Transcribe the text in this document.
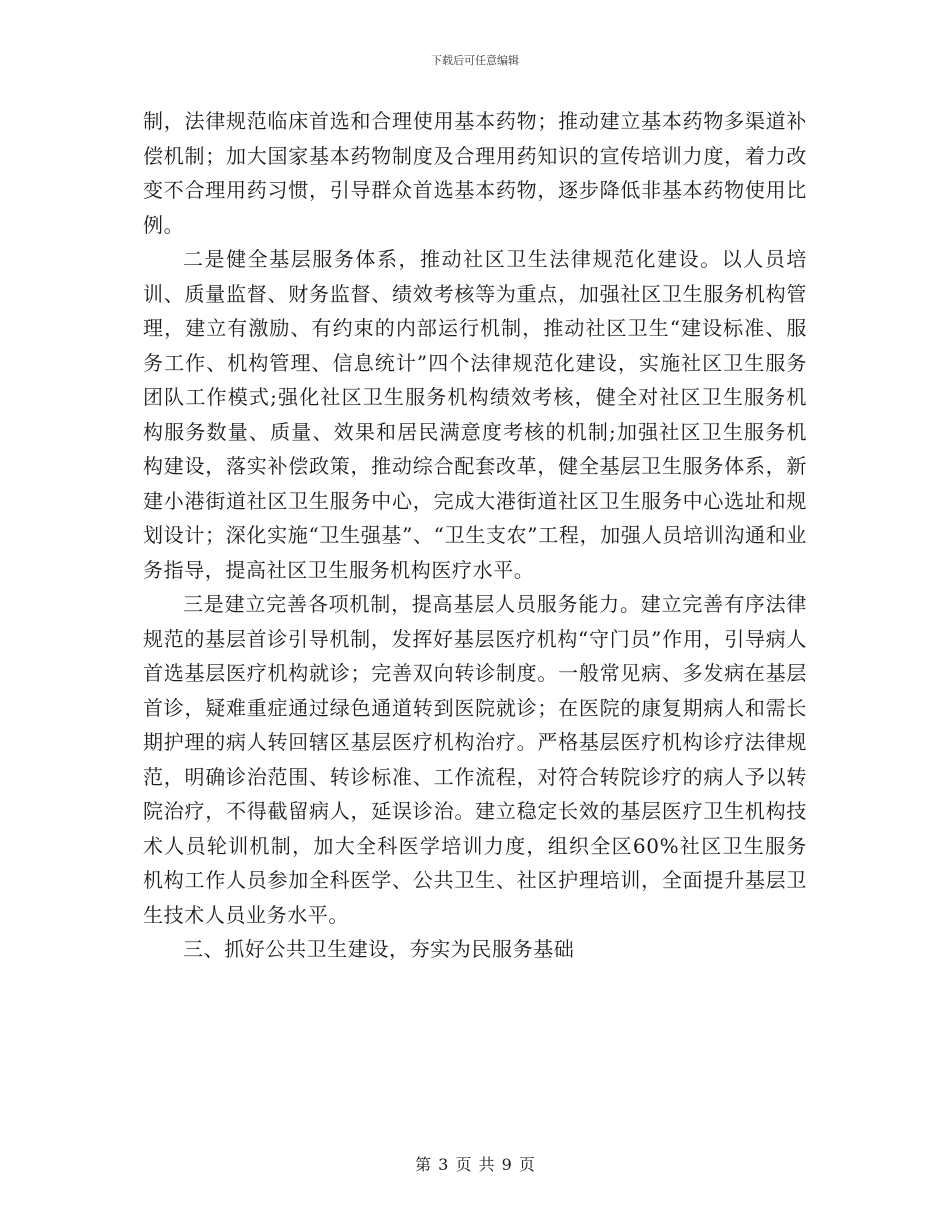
下载后可任意编辑

制，法律规范临床首选和合理使用基本药物；推动建立基本药物多渠道补偿机制；加大国家基本药物制度及合理用药知识的宣传培训力度，着力改变不合理用药习惯，引导群众首选基本药物，逐步降低非基本药物使用比例。

二是健全基层服务体系，推动社区卫生法律规范化建设。以人员培训、质量监督、财务监督、绩效考核等为重点，加强社区卫生服务机构管理，建立有激励、有约束的内部运行机制，推动社区卫生“建设标准、服务工作、机构管理、信息统计”四个法律规范化建设，实施社区卫生服务团队工作模式;强化社区卫生服务机构绩效考核，健全对社区卫生服务机构服务数量、质量、效果和居民满意度考核的机制;加强社区卫生服务机构建设，落实补偿政策，推动综合配套改革，健全基层卫生服务体系，新建小港街道社区卫生服务中心，完成大港街道社区卫生服务中心选址和规划设计；深化实施“卫生强基”、“卫生支农”工程，加强人员培训沟通和业务指导，提高社区卫生服务机构医疗水平。

三是建立完善各项机制，提高基层人员服务能力。建立完善有序法律规范的基层首诊引导机制，发挥好基层医疗机构“守门员”作用，引导病人首选基层医疗机构就诊；完善双向转诊制度。一般常见病、多发病在基层首诊，疑难重症通过绿色通道转到医院就诊；在医院的康复期病人和需长期护理的病人转回辖区基层医疗机构治疗。严格基层医疗机构诊疗法律规范，明确诊治范围、转诊标准、工作流程，对符合转院诊疗的病人予以转院治疗，不得截留病人，延误诊治。建立稳定长效的基层医疗卫生机构技术人员轮训机制，加大全科医学培训力度，组织全区60%社区卫生服务机构工作人员参加全科医学、公共卫生、社区护理培训，全面提升基层卫生技术人员业务水平。

三、抓好公共卫生建设，夯实为民服务基础

第 3 页 共 9 页
